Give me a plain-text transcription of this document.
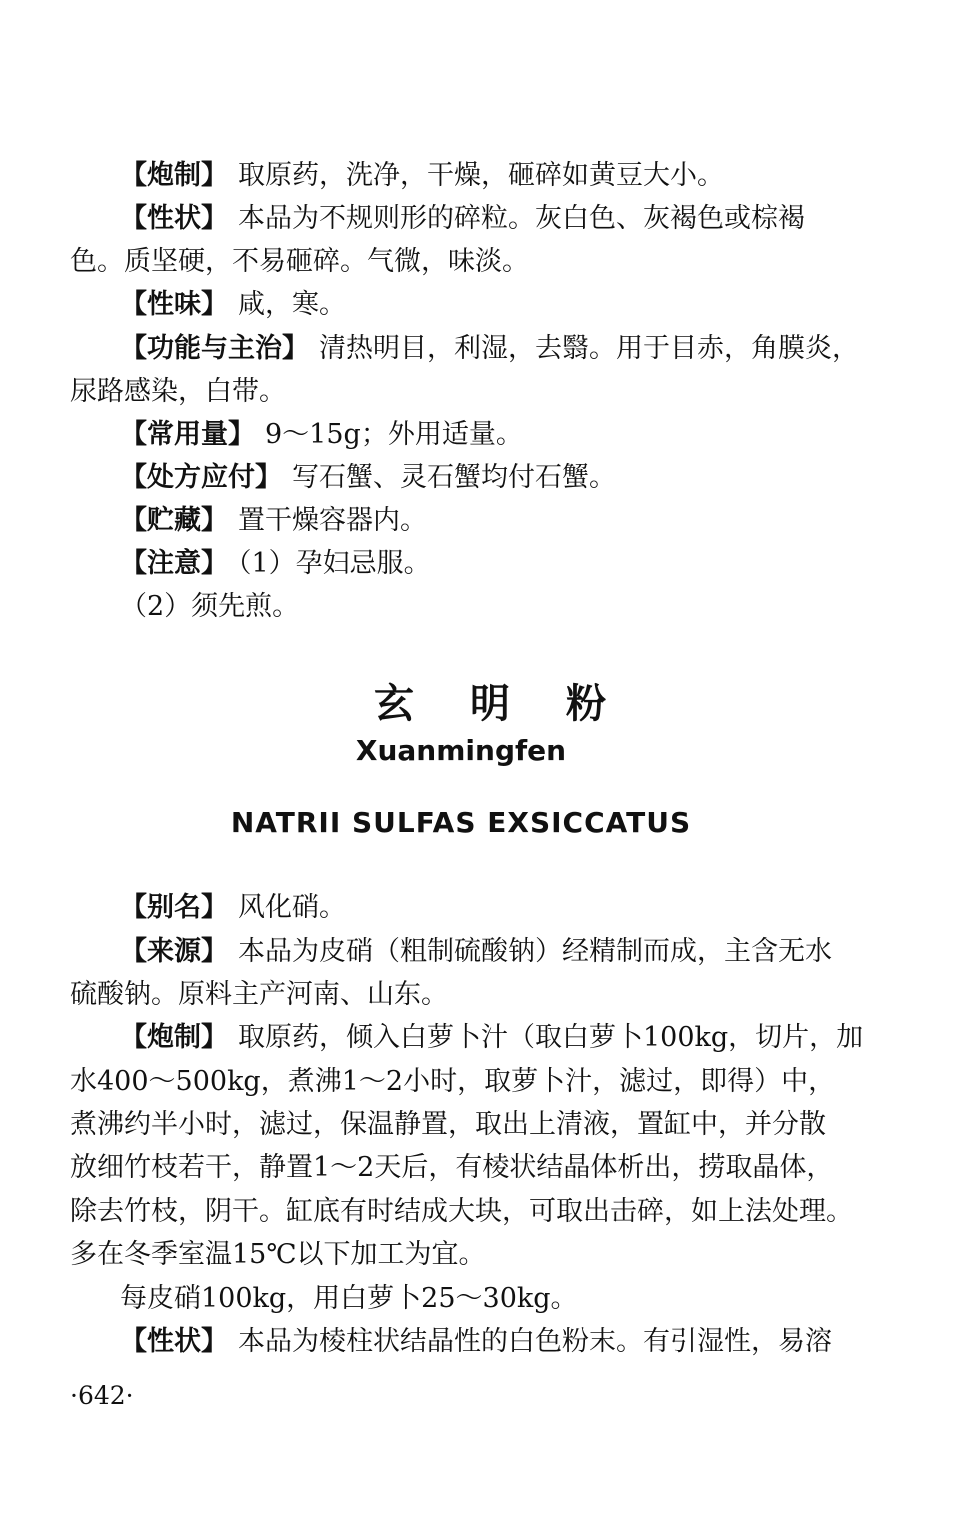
【炮制】 取原药，洗净，干燥，砸碎如黄豆大小。
【性状】 本品为不规则形的碎粒。灰白色、灰褐色或棕褐
色。质坚硬，不易砸碎。气微，味淡。
【性味】 咸，寒。
【功能与主治】 清热明目，利湿，去翳。用于目赤，角膜炎，
尿路感染，白带。
【常用量】 9～15g；外用适量。
【处方应付】 写石蟹、灵石蟹均付石蟹。
【贮藏】 置干燥容器内。
【注意】 （1）孕妇忌服。
（2）须先煎。
玄明粉
Xuanmingfen
NATRII SULFAS EXSICCATUS
【别名】 风化硝。
【来源】 本品为皮硝（粗制硫酸钠）经精制而成，主含无水
硫酸钠。原料主产河南、山东。
【炮制】 取原药，倾入白萝卜汁（取白萝卜100kg，切片，加
水400～500kg，煮沸1～2小时，取萝卜汁，滤过，即得）中，
煮沸约半小时，滤过，保温静置，取出上清液，置缸中，并分散
放细竹枝若干，静置1～2天后，有棱状结晶体析出，捞取晶体，
除去竹枝，阴干。缸底有时结成大块，可取出击碎，如上法处理。
多在冬季室温15℃以下加工为宜。
每皮硝100kg，用白萝卜25～30kg。
【性状】 本品为棱柱状结晶性的白色粉末。有引湿性，易溶
·642·
